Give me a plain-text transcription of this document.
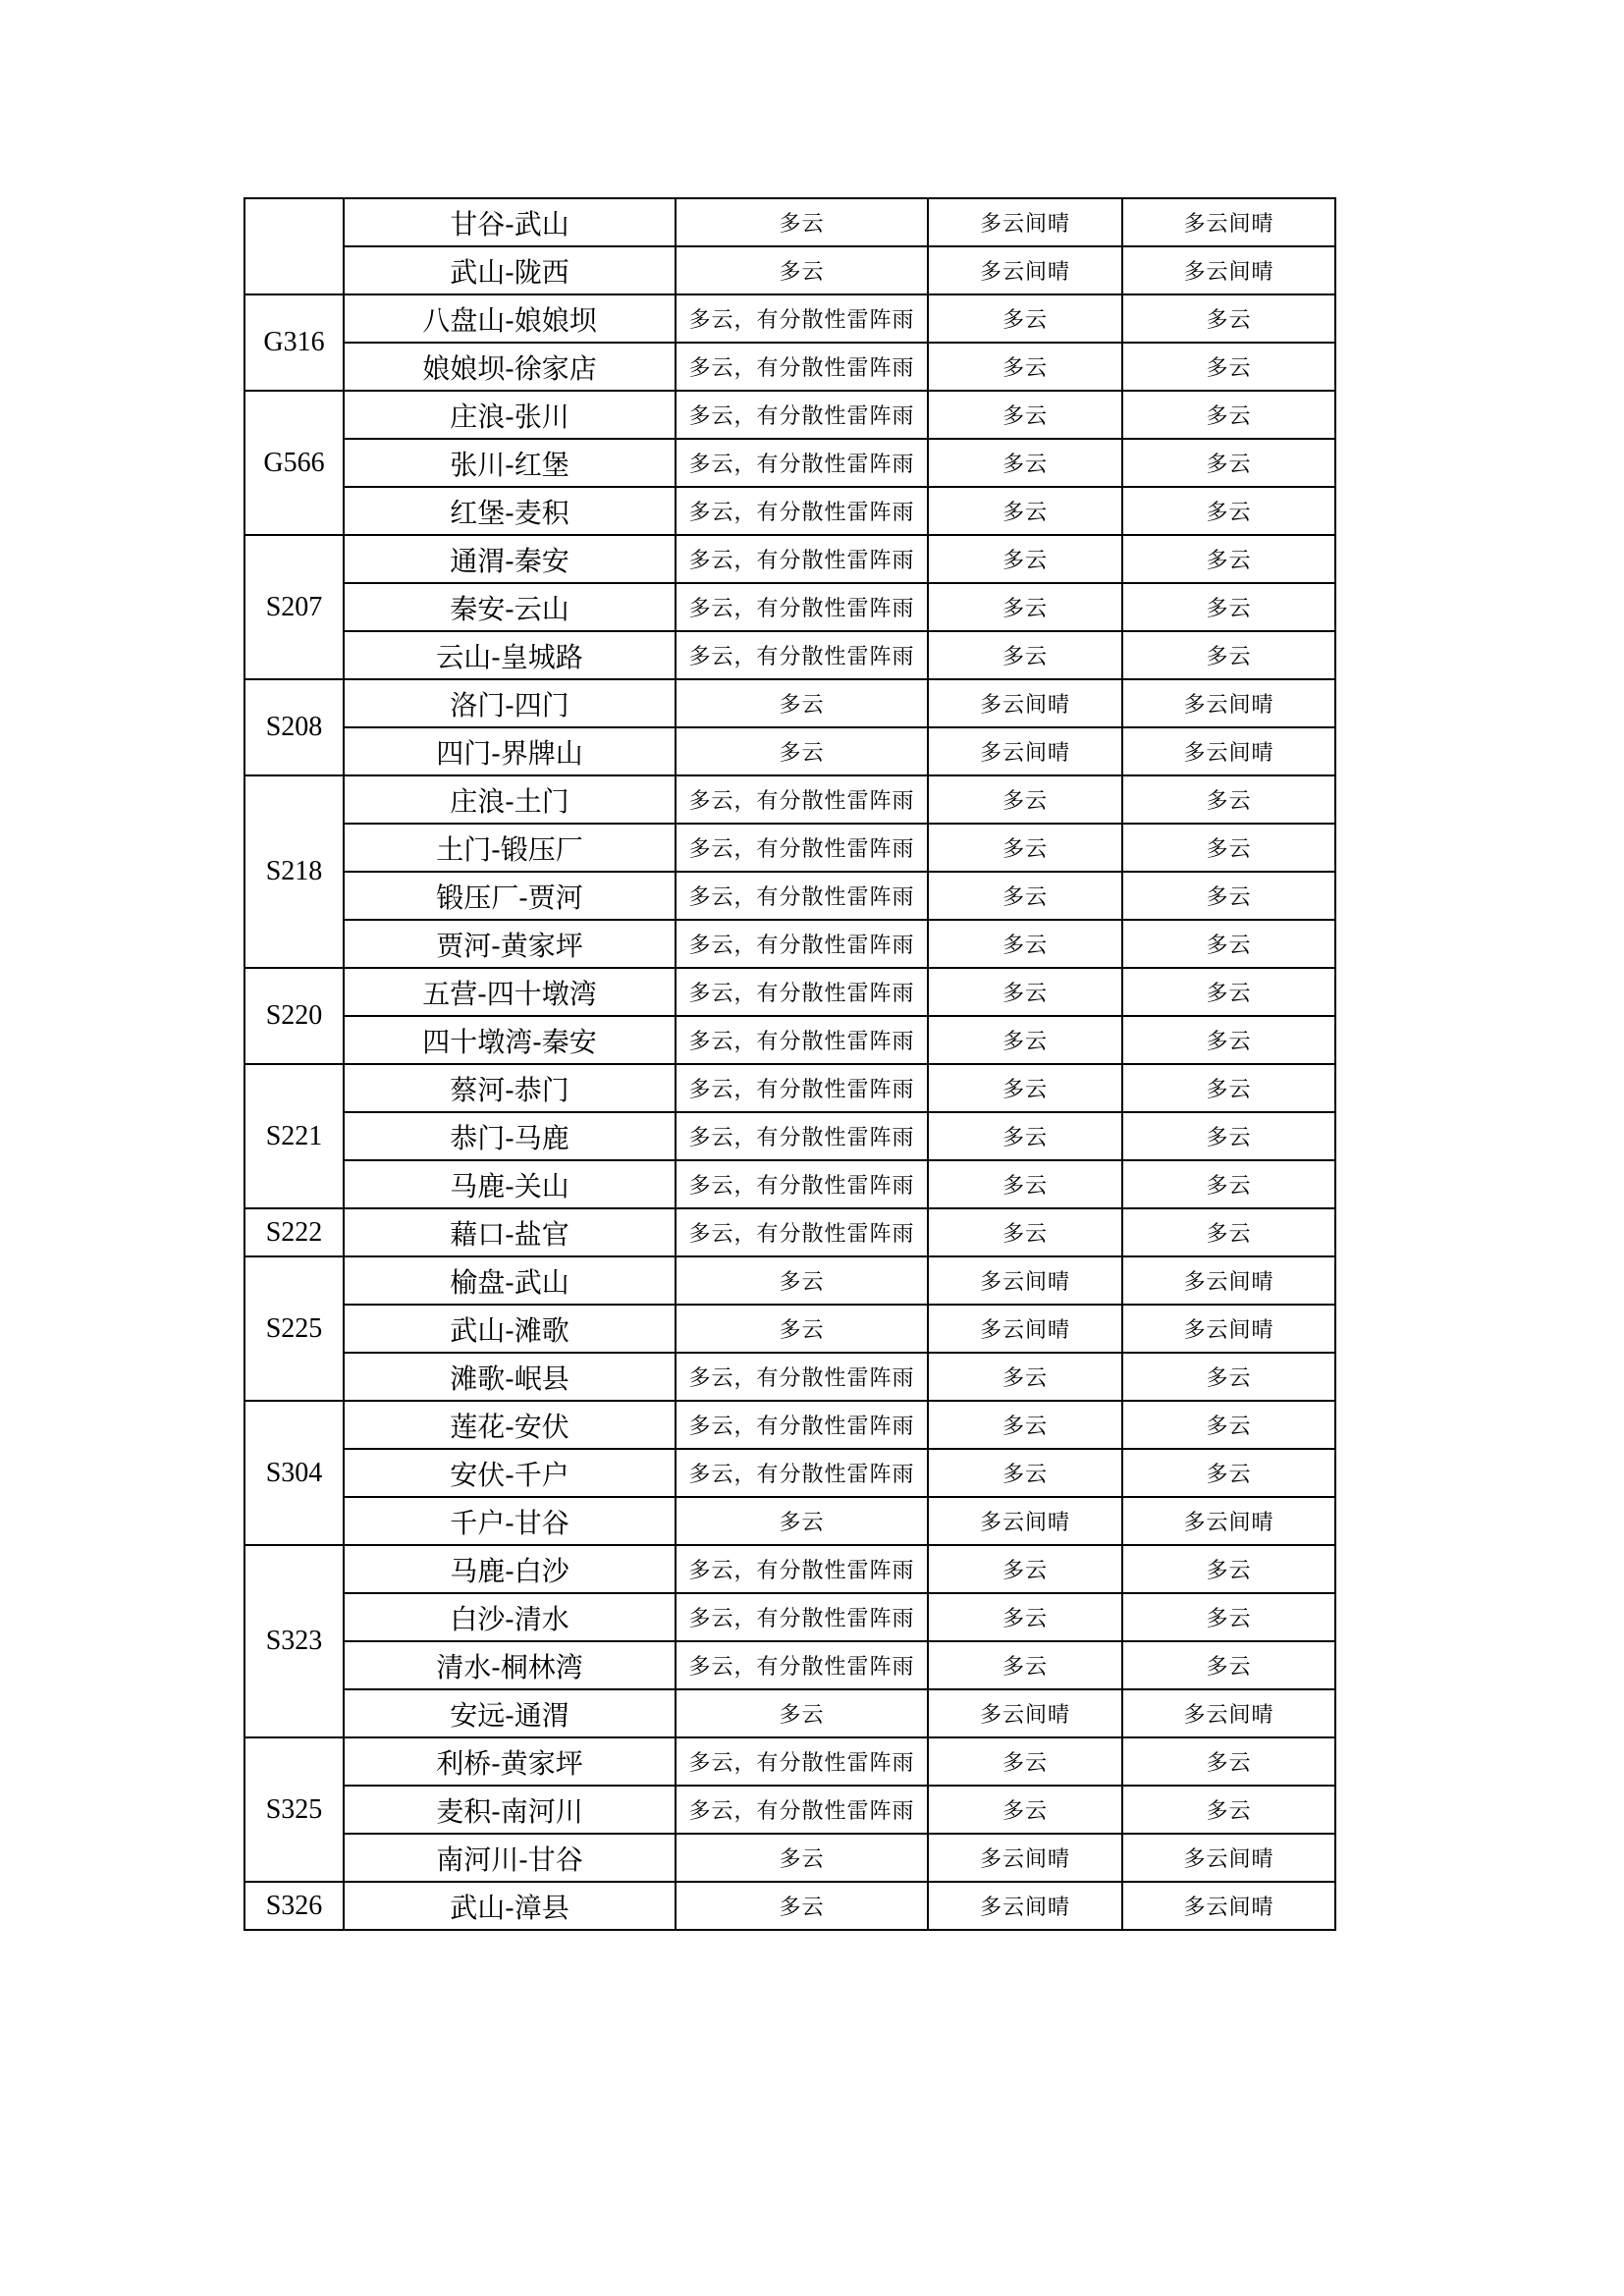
	甘谷-武山	多云	多云间晴	多云间晴
	武山-陇西	多云	多云间晴	多云间晴
G316	八盘山-娘娘坝	多云，有分散性雷阵雨	多云	多云
	娘娘坝-徐家店	多云，有分散性雷阵雨	多云	多云
G566	庄浪-张川	多云，有分散性雷阵雨	多云	多云
	张川-红堡	多云，有分散性雷阵雨	多云	多云
	红堡-麦积	多云，有分散性雷阵雨	多云	多云
S207	通渭-秦安	多云，有分散性雷阵雨	多云	多云
	秦安-云山	多云，有分散性雷阵雨	多云	多云
	云山-皇城路	多云，有分散性雷阵雨	多云	多云
S208	洛门-四门	多云	多云间晴	多云间晴
	四门-界牌山	多云	多云间晴	多云间晴
S218	庄浪-土门	多云，有分散性雷阵雨	多云	多云
	土门-锻压厂	多云，有分散性雷阵雨	多云	多云
	锻压厂-贾河	多云，有分散性雷阵雨	多云	多云
	贾河-黄家坪	多云，有分散性雷阵雨	多云	多云
S220	五营-四十墩湾	多云，有分散性雷阵雨	多云	多云
	四十墩湾-秦安	多云，有分散性雷阵雨	多云	多云
S221	蔡河-恭门	多云，有分散性雷阵雨	多云	多云
	恭门-马鹿	多云，有分散性雷阵雨	多云	多云
	马鹿-关山	多云，有分散性雷阵雨	多云	多云
S222	藉口-盐官	多云，有分散性雷阵雨	多云	多云
S225	榆盘-武山	多云	多云间晴	多云间晴
	武山-滩歌	多云	多云间晴	多云间晴
	滩歌-岷县	多云，有分散性雷阵雨	多云	多云
S304	莲花-安伏	多云，有分散性雷阵雨	多云	多云
	安伏-千户	多云，有分散性雷阵雨	多云	多云
	千户-甘谷	多云	多云间晴	多云间晴
S323	马鹿-白沙	多云，有分散性雷阵雨	多云	多云
	白沙-清水	多云，有分散性雷阵雨	多云	多云
	清水-桐林湾	多云，有分散性雷阵雨	多云	多云
	安远-通渭	多云	多云间晴	多云间晴
S325	利桥-黄家坪	多云，有分散性雷阵雨	多云	多云
	麦积-南河川	多云，有分散性雷阵雨	多云	多云
	南河川-甘谷	多云	多云间晴	多云间晴
S326	武山-漳县	多云	多云间晴	多云间晴
